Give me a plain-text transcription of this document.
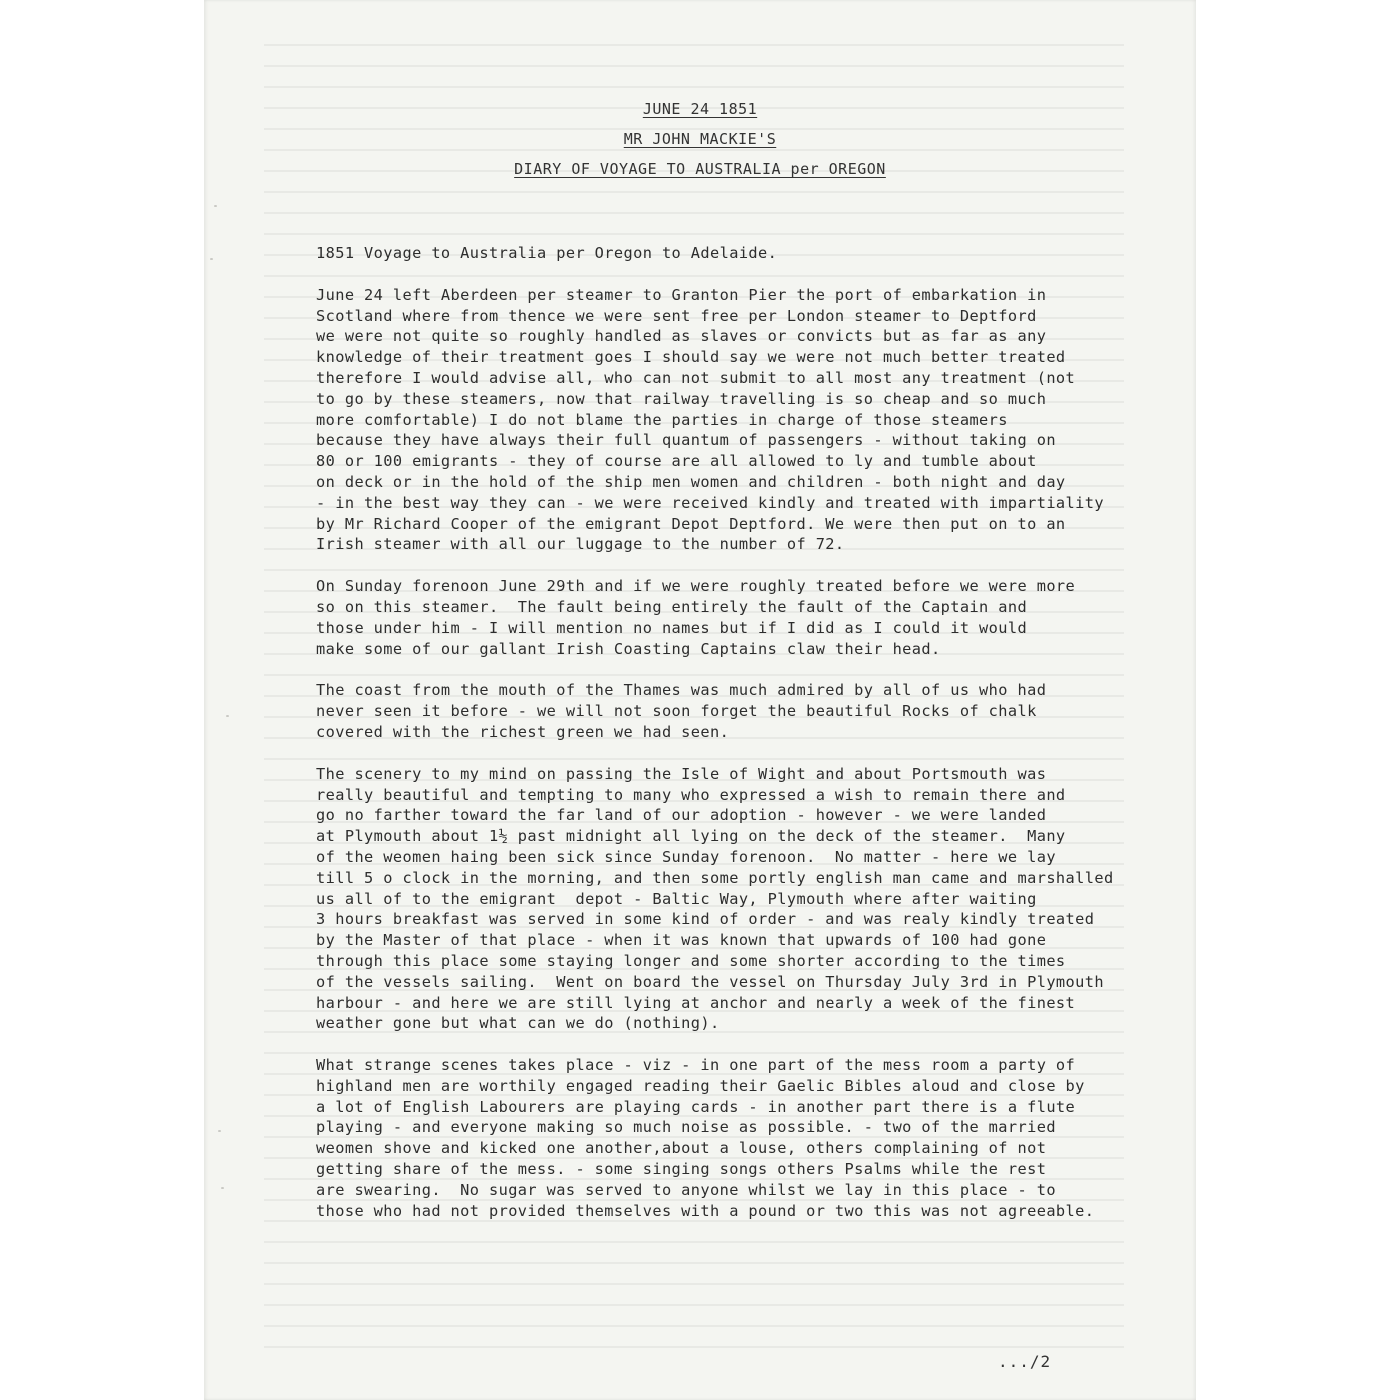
JUNE 24 1851
MR JOHN MACKIE'S
DIARY OF VOYAGE TO AUSTRALIA per OREGON
1851 Voyage to Australia per Oregon to Adelaide.
June 24 left Aberdeen per steamer to Granton Pier the port of embarkation in
Scotland where from thence we were sent free per London steamer to Deptford
we were not quite so roughly handled as slaves or convicts but as far as any
knowledge of their treatment goes I should say we were not much better treated
therefore I would advise all, who can not submit to all most any treatment (not
to go by these steamers, now that railway travelling is so cheap and so much
more comfortable) I do not blame the parties in charge of those steamers
because they have always their full quantum of passengers - without taking on
80 or 100 emigrants - they of course are all allowed to ly and tumble about
on deck or in the hold of the ship men women and children - both night and day
- in the best way they can - we were received kindly and treated with impartiality
by Mr Richard Cooper of the emigrant Depot Deptford. We were then put on to an
Irish steamer with all our luggage to the number of 72.
On Sunday forenoon June 29th and if we were roughly treated before we were more
so on this steamer.  The fault being entirely the fault of the Captain and
those under him - I will mention no names but if I did as I could it would
make some of our gallant Irish Coasting Captains claw their head.
The coast from the mouth of the Thames was much admired by all of us who had
never seen it before - we will not soon forget the beautiful Rocks of chalk
covered with the richest green we had seen.
The scenery to my mind on passing the Isle of Wight and about Portsmouth was
really beautiful and tempting to many who expressed a wish to remain there and
go no farther toward the far land of our adoption - however - we were landed
at Plymouth about 1½ past midnight all lying on the deck of the steamer.  Many
of the weomen haing been sick since Sunday forenoon.  No matter - here we lay
till 5 o clock in the morning, and then some portly english man came and marshalled
us all of to the emigrant  depot - Baltic Way, Plymouth where after waiting
3 hours breakfast was served in some kind of order - and was realy kindly treated
by the Master of that place - when it was known that upwards of 100 had gone
through this place some staying longer and some shorter according to the times
of the vessels sailing.  Went on board the vessel on Thursday July 3rd in Plymouth
harbour - and here we are still lying at anchor and nearly a week of the finest
weather gone but what can we do (nothing).
What strange scenes takes place - viz - in one part of the mess room a party of
highland men are worthily engaged reading their Gaelic Bibles aloud and close by
a lot of English Labourers are playing cards - in another part there is a flute
playing - and everyone making so much noise as possible. - two of the married
weomen shove and kicked one another,about a louse, others complaining of not
getting share of the mess. - some singing songs others Psalms while the rest
are swearing.  No sugar was served to anyone whilst we lay in this place - to
those who had not provided themselves with a pound or two this was not agreeable.
.../2
